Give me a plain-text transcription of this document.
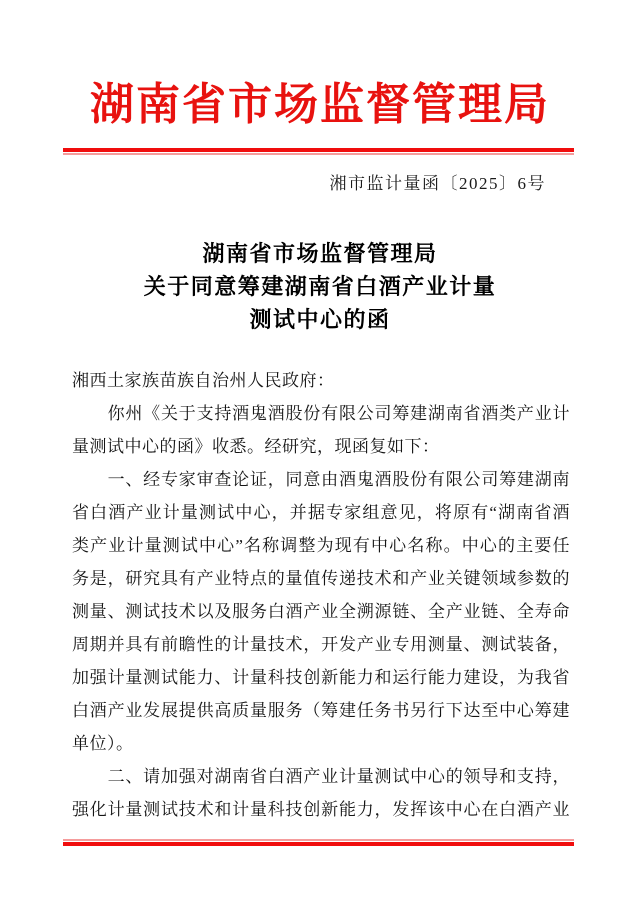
湖南省市场监督管理局
湘市监计量函〔2025〕6号
湖南省市场监督管理局
关于同意筹建湖南省白酒产业计量
测试中心的函
湘西土家族苗族自治州人民政府：
　　你州《关于支持酒鬼酒股份有限公司筹建湖南省酒类产业计
量测试中心的函》收悉。经研究，现函复如下：
　　一、经专家审查论证，同意由酒鬼酒股份有限公司筹建湖南
省白酒产业计量测试中心，并据专家组意见，将原有“湖南省酒
类产业计量测试中心”名称调整为现有中心名称。中心的主要任
务是，研究具有产业特点的量值传递技术和产业关键领域参数的
测量、测试技术以及服务白酒产业全溯源链、全产业链、全寿命
周期并具有前瞻性的计量技术，开发产业专用测量、测试装备，
加强计量测试能力、计量科技创新能力和运行能力建设，为我省
白酒产业发展提供高质量服务（筹建任务书另行下达至中心筹建
单位）。
　　二、请加强对湖南省白酒产业计量测试中心的领导和支持，
强化计量测试技术和计量科技创新能力，发挥该中心在白酒产业
